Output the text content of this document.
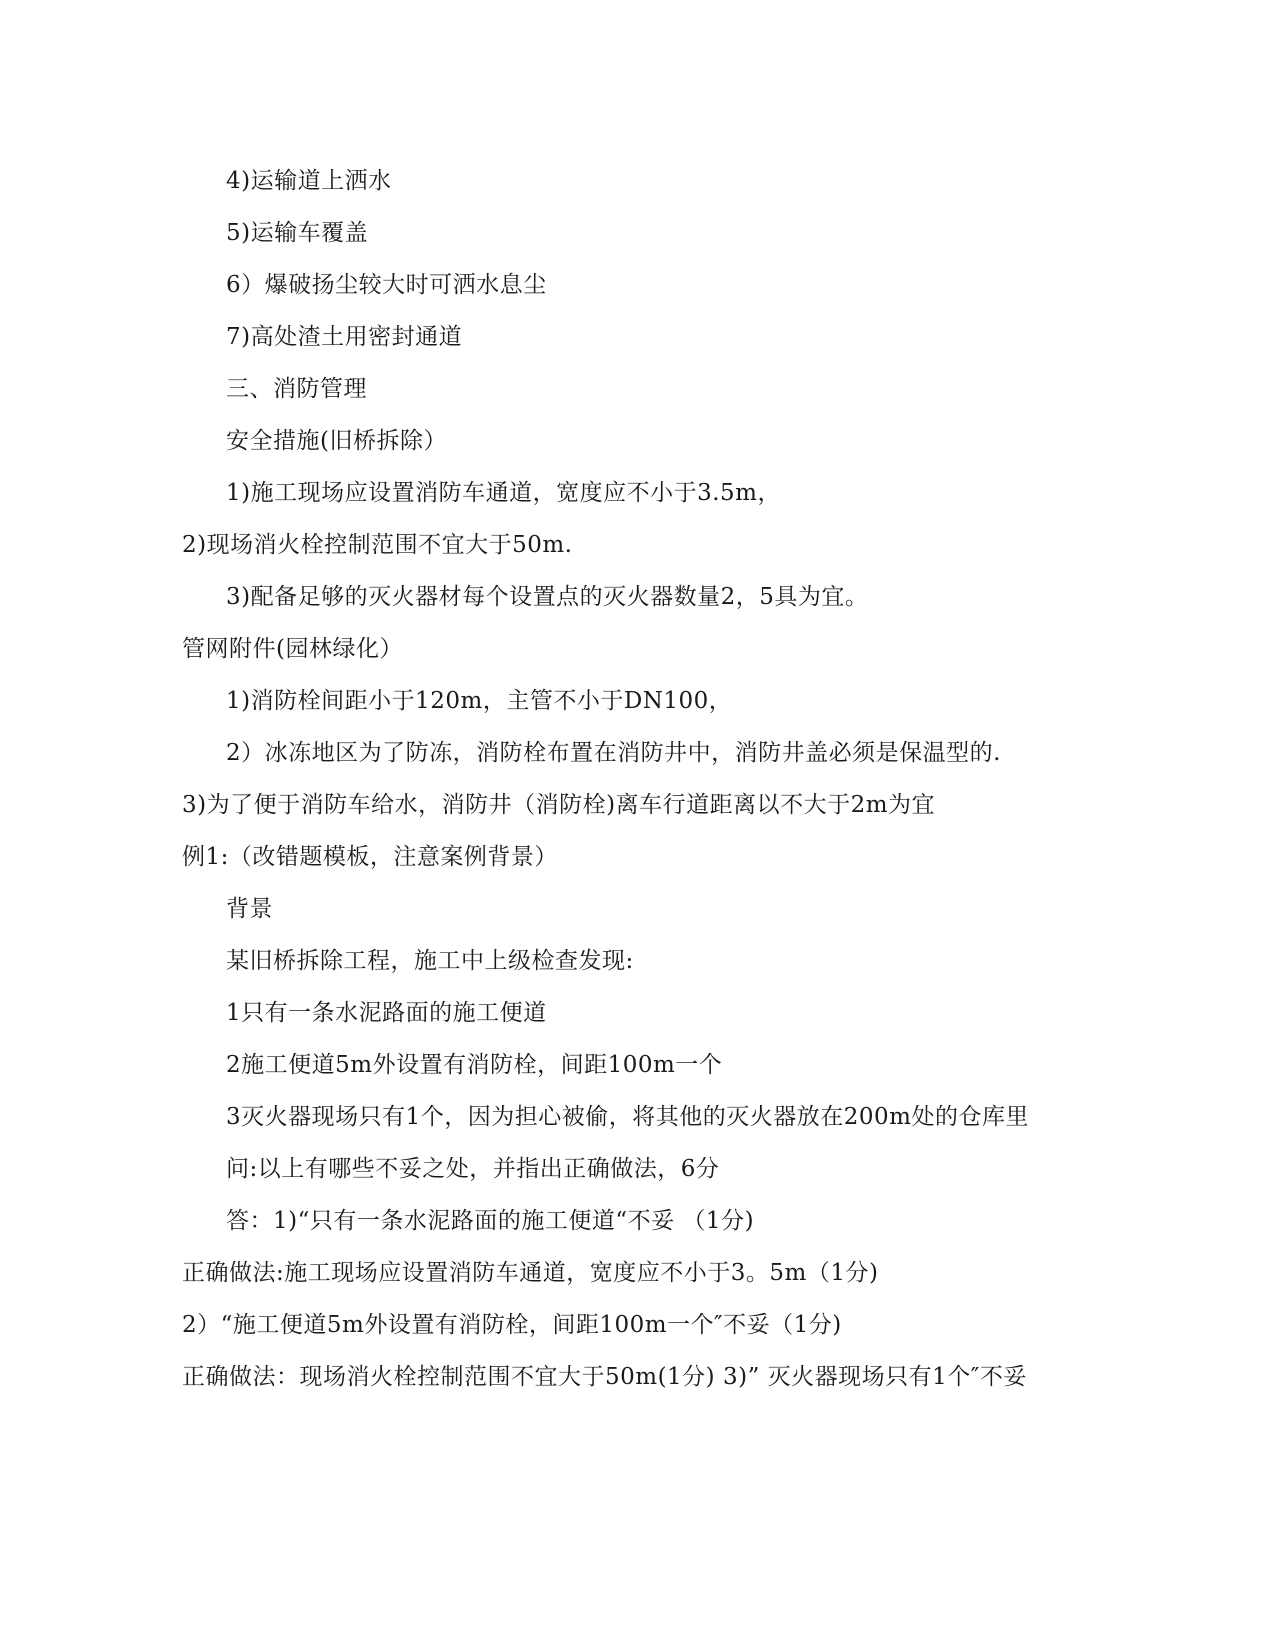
4)运输道上洒水
5)运输车覆盖
6）爆破扬尘较大时可洒水息尘
7)高处渣土用密封通道
三、消防管理
安全措施(旧桥拆除）
1)施工现场应设置消防车通道，宽度应不小于3.5m，
2)现场消火栓控制范围不宜大于50m.
3)配备足够的灭火器材每个设置点的灭火器数量2，5具为宜。
管网附件(园林绿化）
1)消防栓间距小于120m，主管不小于DN100，
2）冰冻地区为了防冻，消防栓布置在消防井中，消防井盖必须是保温型的.
3)为了便于消防车给水，消防井（消防栓)离车行道距离以不大于2m为宜
例1:（改错题模板，注意案例背景）
背景
某旧桥拆除工程，施工中上级检查发现:
1只有一条水泥路面的施工便道
2施工便道5m外设置有消防栓，间距100m一个
3灭火器现场只有1个，因为担心被偷，将其他的灭火器放在200m处的仓库里
问:以上有哪些不妥之处，并指出正确做法，6分
答：1)“只有一条水泥路面的施工便道“不妥 （1分)
正确做法:施工现场应设置消防车通道，宽度应不小于3。5m（1分)
2）“施工便道5m外设置有消防栓，间距100m一个″不妥（1分)
正确做法：现场消火栓控制范围不宜大于50m(1分) 3)” 灭火器现场只有1个″不妥
